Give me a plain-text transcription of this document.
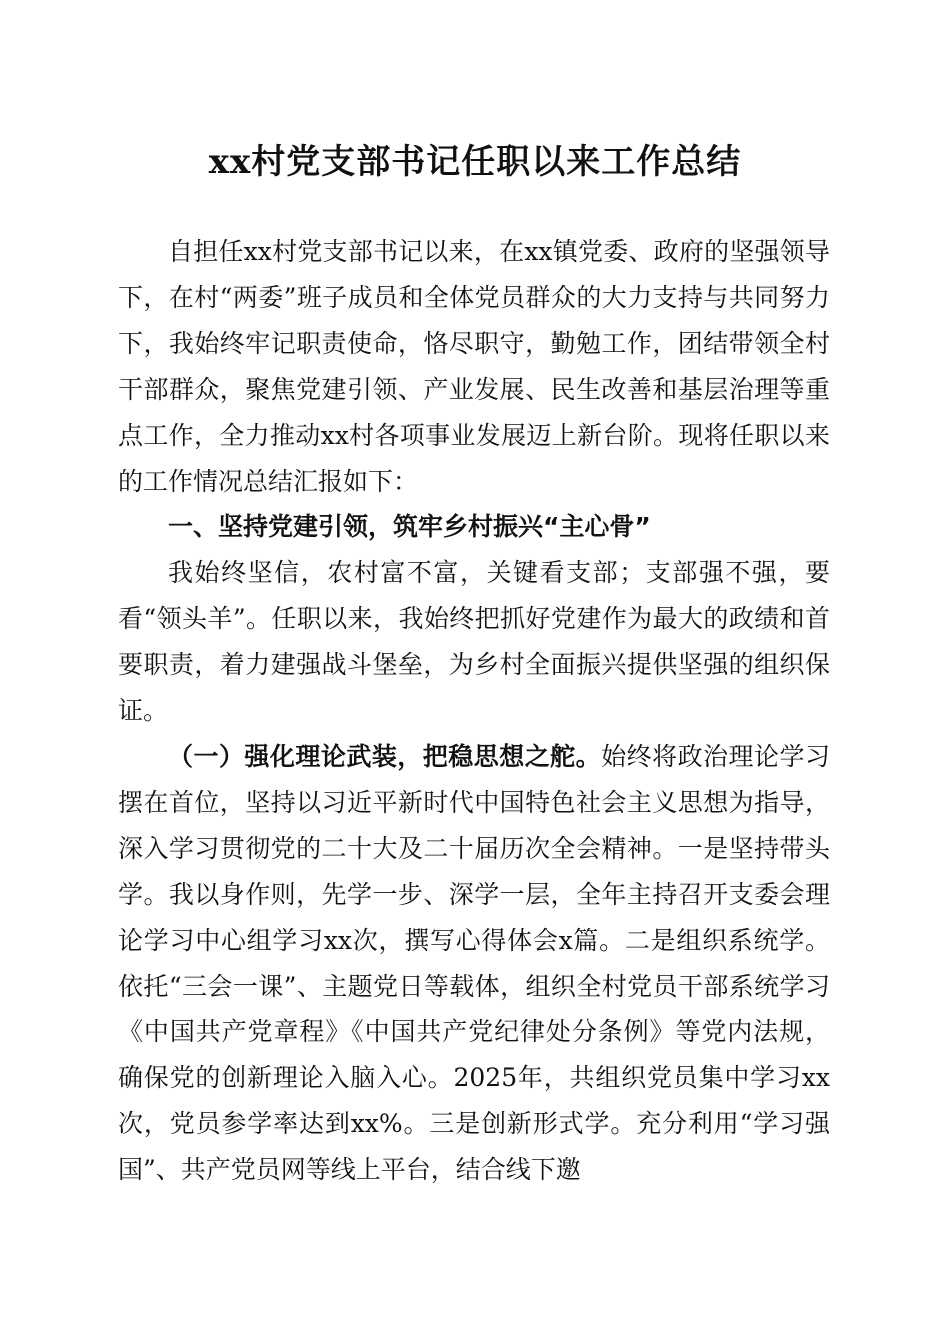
xx村党支部书记任职以来工作总结

自担任xx村党支部书记以来，在xx镇党委、政府的坚强领导下，在村“两委”班子成员和全体党员群众的大力支持与共同努力下，我始终牢记职责使命，恪尽职守，勤勉工作，团结带领全村干部群众，聚焦党建引领、产业发展、民生改善和基层治理等重点工作，全力推动xx村各项事业发展迈上新台阶。现将任职以来的工作情况总结汇报如下：

一、坚持党建引领，筑牢乡村振兴“主心骨”

我始终坚信，农村富不富，关键看支部；支部强不强，要看“领头羊”。任职以来，我始终把抓好党建作为最大的政绩和首要职责，着力建强战斗堡垒，为乡村全面振兴提供坚强的组织保证。

（一）强化理论武装，把稳思想之舵。始终将政治理论学习摆在首位，坚持以习近平新时代中国特色社会主义思想为指导，深入学习贯彻党的二十大及二十届历次全会精神。一是坚持带头学。我以身作则，先学一步、深学一层，全年主持召开支委会理论学习中心组学习xx次，撰写心得体会x篇。二是组织系统学。依托“三会一课”、主题党日等载体，组织全村党员干部系统学习《中国共产党章程》《中国共产党纪律处分条例》等党内法规，确保党的创新理论入脑入心。2025年，共组织党员集中学习xx次，党员参学率达到xx%。三是创新形式学。充分利用“学习强国”、共产党员网等线上平台，结合线下邀
